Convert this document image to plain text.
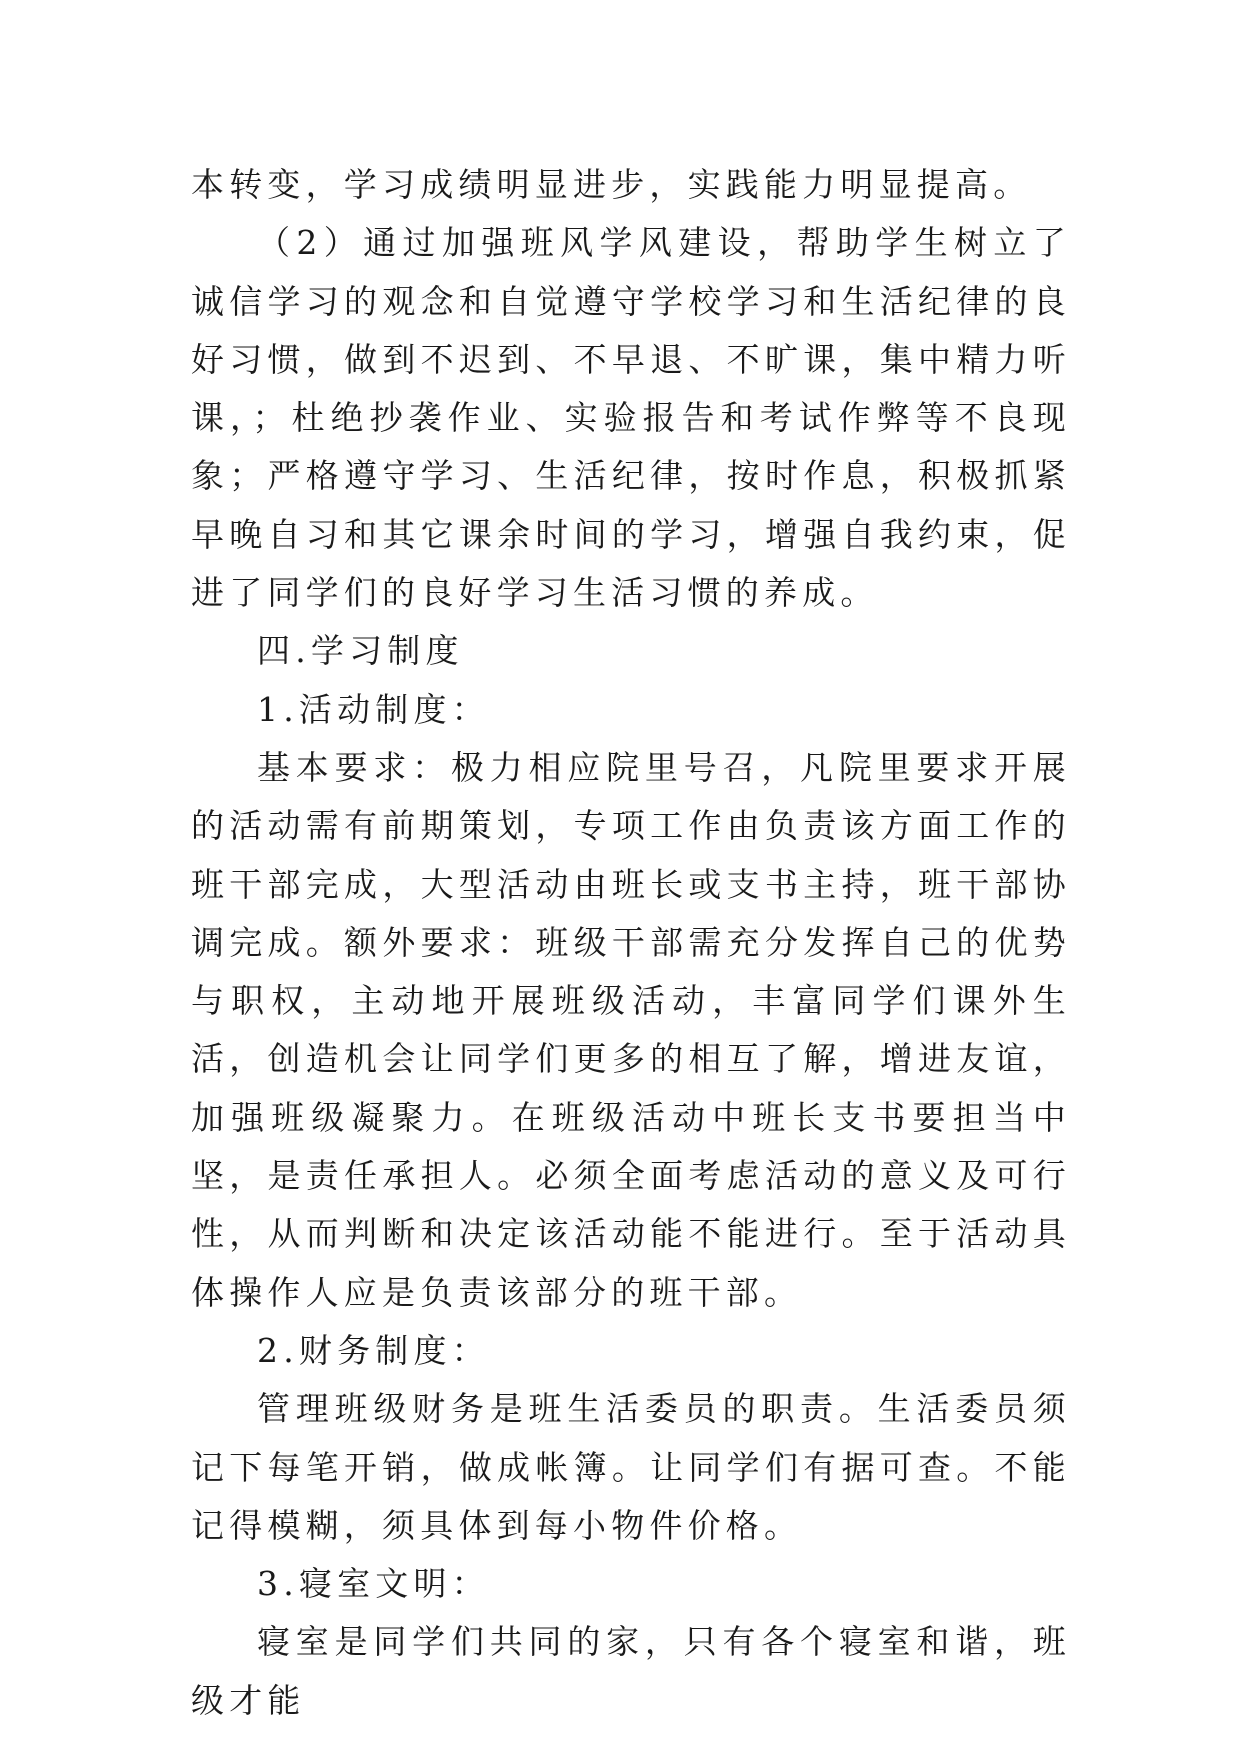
本转变，学习成绩明显进步，实践能力明显提高。

（2）通过加强班风学风建设，帮助学生树立了诚信学习的观念和自觉遵守学校学习和生活纪律的良好习惯，做到不迟到、不早退、不旷课，集中精力听课，；杜绝抄袭作业、实验报告和考试作弊等不良现象；严格遵守学习、生活纪律，按时作息，积极抓紧早晚自习和其它课余时间的学习，增强自我约束，促进了同学们的良好学习生活习惯的养成。

四.学习制度

1.活动制度：

基本要求：极力相应院里号召，凡院里要求开展的活动需有前期策划，专项工作由负责该方面工作的班干部完成，大型活动由班长或支书主持，班干部协调完成。额外要求：班级干部需充分发挥自己的优势与职权，主动地开展班级活动，丰富同学们课外生活，创造机会让同学们更多的相互了解，增进友谊，加强班级凝聚力。在班级活动中班长支书要担当中坚，是责任承担人。必须全面考虑活动的意义及可行性，从而判断和决定该活动能不能进行。至于活动具体操作人应是负责该部分的班干部。

2.财务制度：

管理班级财务是班生活委员的职责。生活委员须记下每笔开销，做成帐簿。让同学们有据可查。不能记得模糊，须具体到每小物件价格。

3.寝室文明：

寝室是同学们共同的家，只有各个寝室和谐，班级才能
